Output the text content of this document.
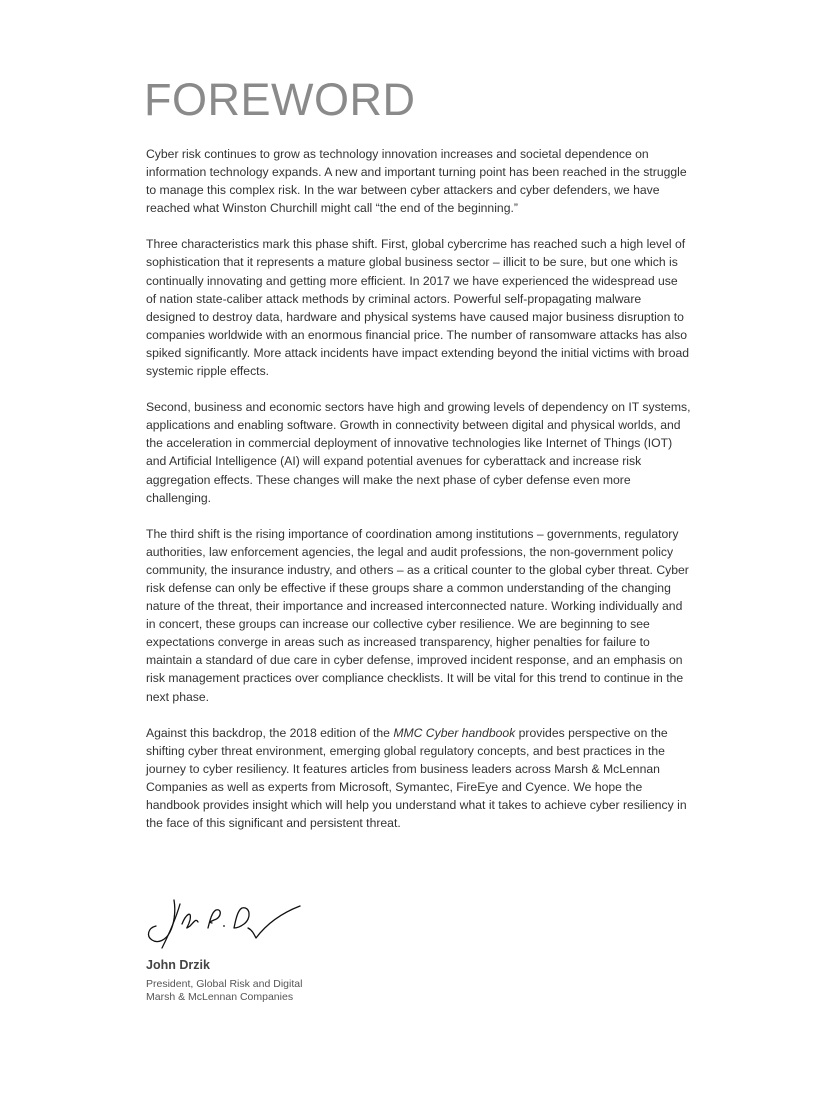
FOREWORD

Cyber risk continues to grow as technology innovation increases and societal dependence on information technology expands. A new and important turning point has been reached in the struggle to manage this complex risk. In the war between cyber attackers and cyber defenders, we have reached what Winston Churchill might call “the end of the beginning.”

Three characteristics mark this phase shift. First, global cybercrime has reached such a high level of sophistication that it represents a mature global business sector – illicit to be sure, but one which is continually innovating and getting more efficient. In 2017 we have experienced the widespread use of nation state-caliber attack methods by criminal actors. Powerful self-propagating malware designed to destroy data, hardware and physical systems have caused major business disruption to companies worldwide with an enormous financial price. The number of ransomware attacks has also spiked significantly. More attack incidents have impact extending beyond the initial victims with broad systemic ripple effects.

Second, business and economic sectors have high and growing levels of dependency on IT systems, applications and enabling software. Growth in connectivity between digital and physical worlds, and the acceleration in commercial deployment of innovative technologies like Internet of Things (IOT) and Artificial Intelligence (AI) will expand potential avenues for cyberattack and increase risk aggregation effects. These changes will make the next phase of cyber defense even more challenging.

The third shift is the rising importance of coordination among institutions – governments, regulatory authorities, law enforcement agencies, the legal and audit professions, the non-government policy community, the insurance industry, and others – as a critical counter to the global cyber threat. Cyber risk defense can only be effective if these groups share a common understanding of the changing nature of the threat, their importance and increased interconnected nature. Working individually and in concert, these groups can increase our collective cyber resilience. We are beginning to see expectations converge in areas such as increased transparency, higher penalties for failure to maintain a standard of due care in cyber defense, improved incident response, and an emphasis on risk management practices over compliance checklists. It will be vital for this trend to continue in the next phase.

Against this backdrop, the 2018 edition of the MMC Cyber handbook provides perspective on the shifting cyber threat environment, emerging global regulatory concepts, and best practices in the journey to cyber resiliency. It features articles from business leaders across Marsh & McLennan Companies as well as experts from Microsoft, Symantec, FireEye and Cyence. We hope the handbook provides insight which will help you understand what it takes to achieve cyber resiliency in the face of this significant and persistent threat.

John Drzik

President, Global Risk and Digital

Marsh & McLennan Companies
